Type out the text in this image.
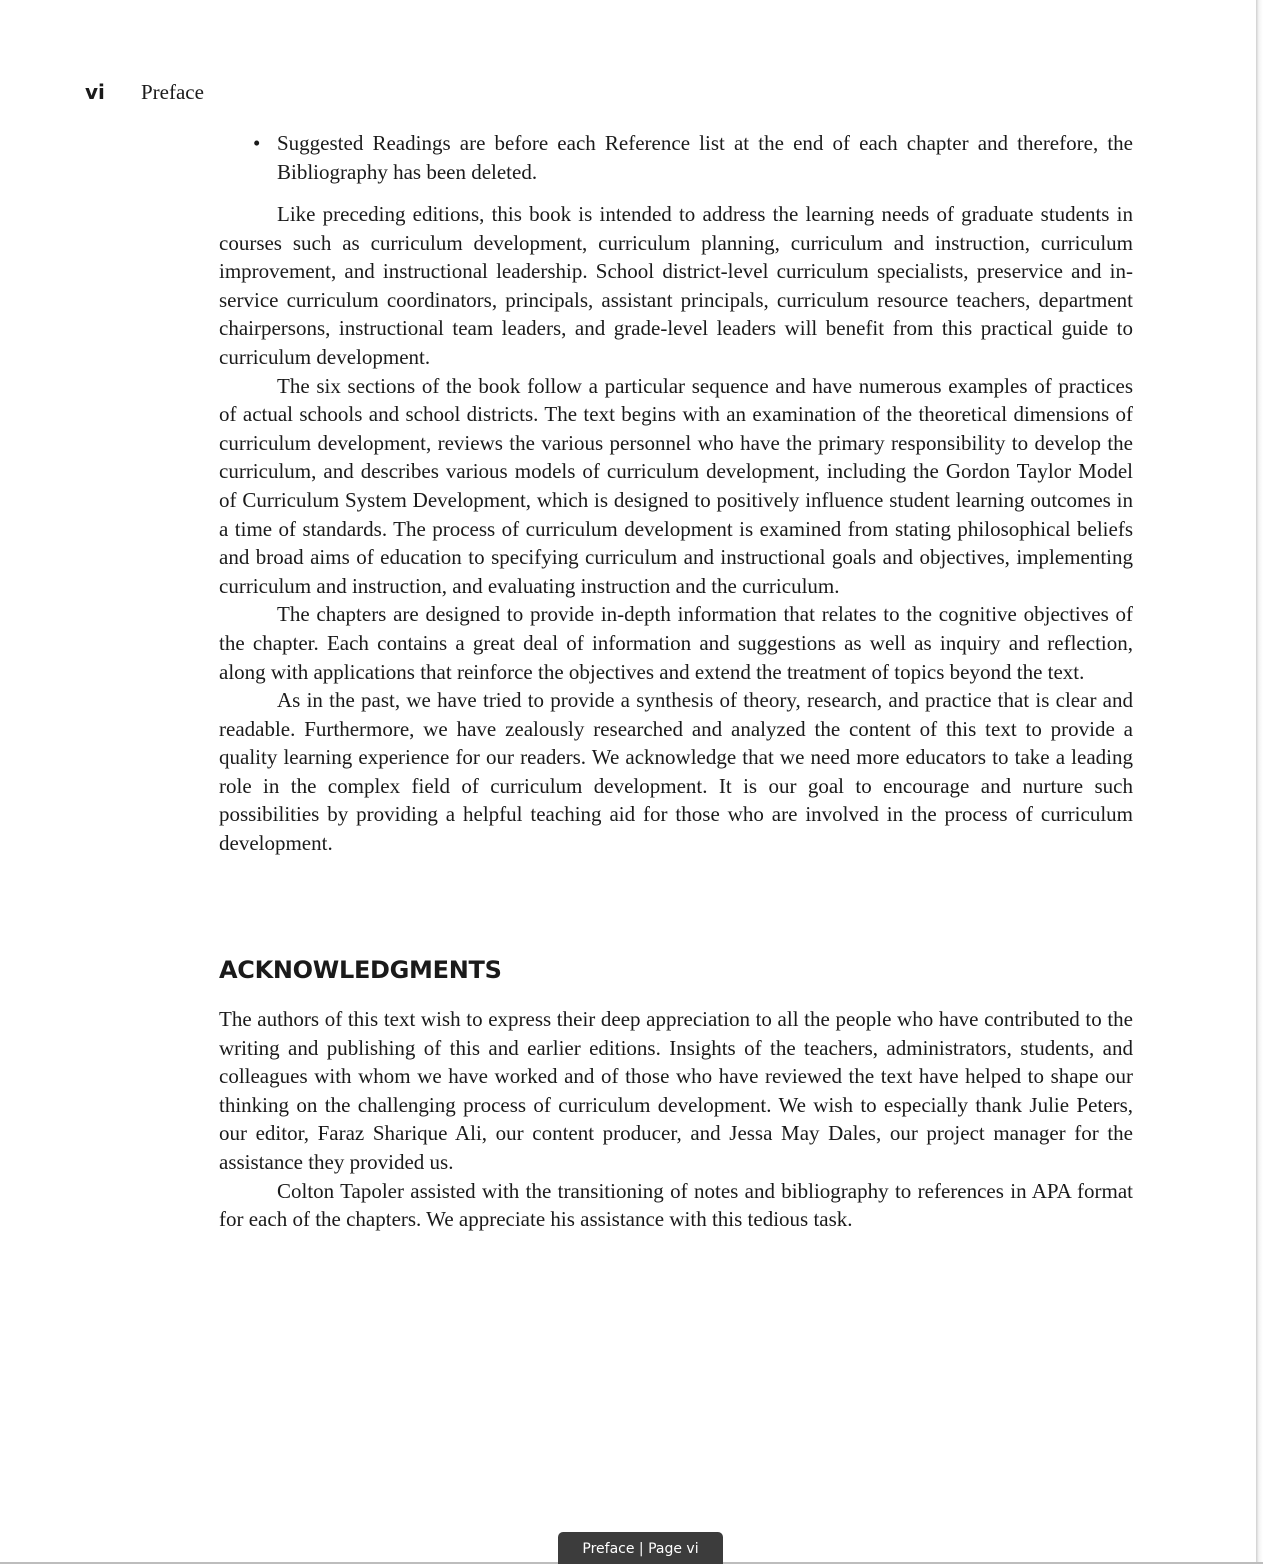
vi	Preface
• Suggested Readings are before each Reference list at the end of each chapter and therefore, the Bibliography has been deleted.

Like preceding editions, this book is intended to address the learning needs of graduate students in courses such as curriculum development, curriculum planning, curriculum and instruction, curriculum improvement, and instructional leadership. School district-level curriculum specialists, preservice and in-service curriculum coordinators, principals, assistant principals, curriculum resource teachers, department chairpersons, instructional team leaders, and grade-level leaders will benefit from this practical guide to curriculum development.

The six sections of the book follow a particular sequence and have numerous examples of practices of actual schools and school districts. The text begins with an examination of the theoretical dimensions of curriculum development, reviews the various personnel who have the primary responsibility to develop the curriculum, and describes various models of curriculum development, including the Gordon Taylor Model of Curriculum System Development, which is designed to positively influence student learning outcomes in a time of standards. The process of curriculum development is examined from stating philosophical beliefs and broad aims of education to specifying curriculum and instructional goals and objectives, implementing curriculum and instruction, and evaluating instruction and the curriculum.

The chapters are designed to provide in-depth information that relates to the cognitive objectives of the chapter. Each contains a great deal of information and suggestions as well as inquiry and reflection, along with applications that reinforce the objectives and extend the treatment of topics beyond the text.

As in the past, we have tried to provide a synthesis of theory, research, and practice that is clear and readable. Furthermore, we have zealously researched and analyzed the content of this text to provide a quality learning experience for our readers. We acknowledge that we need more educators to take a leading role in the complex field of curriculum development. It is our goal to encourage and nurture such possibilities by providing a helpful teaching aid for those who are involved in the process of curriculum development.

ACKNOWLEDGMENTS

The authors of this text wish to express their deep appreciation to all the people who have contributed to the writing and publishing of this and earlier editions. Insights of the teachers, administrators, students, and colleagues with whom we have worked and of those who have reviewed the text have helped to shape our thinking on the challenging process of curriculum development. We wish to especially thank Julie Peters, our editor, Faraz Sharique Ali, our content producer, and Jessa May Dales, our project manager for the assistance they provided us.

Colton Tapoler assisted with the transitioning of notes and bibliography to references in APA format for each of the chapters. We appreciate his assistance with this tedious task.

Preface | Page vi
